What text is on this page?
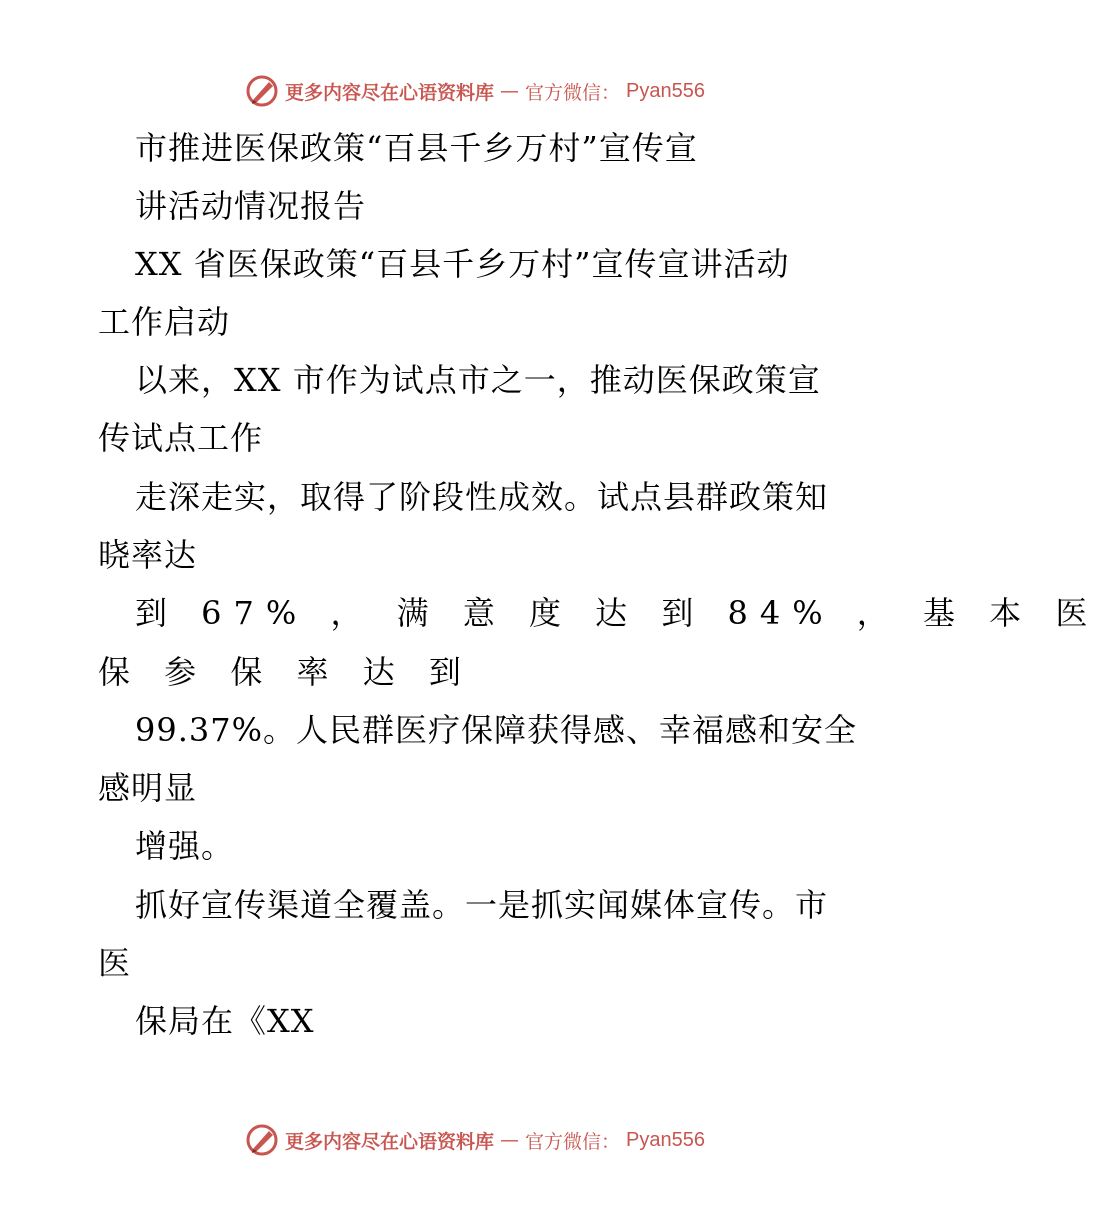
更多内容尽在心语资料库 — 官方微信： Pyan556
市推进医保政策“百县千乡万村”宣传宣
讲活动情况报告
XX 省医保政策“百县千乡万村”宣传宣讲活动
工作启动
以来，XX 市作为试点市之一，推动医保政策宣
传试点工作
走深走实，取得了阶段性成效。试点县群政策知
晓率达
到 67% ， 满 意 度 达 到 84% ， 基 本 医
保 参 保 率 达 到
99.37%。人民群医疗保障获得感、幸福感和安全
感明显
增强。
抓好宣传渠道全覆盖。一是抓实闻媒体宣传。市
医
保局在《XX
更多内容尽在心语资料库 — 官方微信： Pyan556
